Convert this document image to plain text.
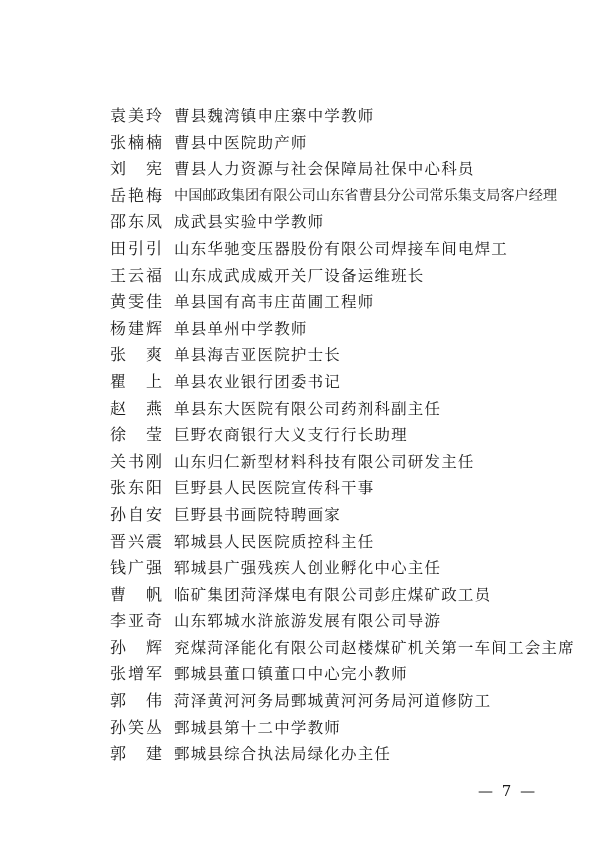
袁美玲 曹县魏湾镇申庄寨中学教师
张楠楠 曹县中医院助产师
刘　宪 曹县人力资源与社会保障局社保中心科员
岳艳梅 中国邮政集团有限公司山东省曹县分公司常乐集支局客户经理
邵东凤 成武县实验中学教师
田引引 山东华驰变压器股份有限公司焊接车间电焊工
王云福 山东成武成威开关厂设备运维班长
黄雯佳 单县国有高韦庄苗圃工程师
杨建辉 单县单州中学教师
张　爽 单县海吉亚医院护士长
瞿　上 单县农业银行团委书记
赵　燕 单县东大医院有限公司药剂科副主任
徐　莹 巨野农商银行大义支行行长助理
关书刚 山东归仁新型材料科技有限公司研发主任
张东阳 巨野县人民医院宣传科干事
孙自安 巨野县书画院特聘画家
晋兴震 郓城县人民医院质控科主任
钱广强 郓城县广强残疾人创业孵化中心主任
曹　帆 临矿集团菏泽煤电有限公司彭庄煤矿政工员
李亚奇 山东郓城水浒旅游发展有限公司导游
孙　辉 兖煤菏泽能化有限公司赵楼煤矿机关第一车间工会主席
张增军 鄄城县董口镇董口中心完小教师
郭　伟 菏泽黄河河务局鄄城黄河河务局河道修防工
孙笑丛 鄄城县第十二中学教师
郭　建 鄄城县综合执法局绿化办主任
— 7 —
